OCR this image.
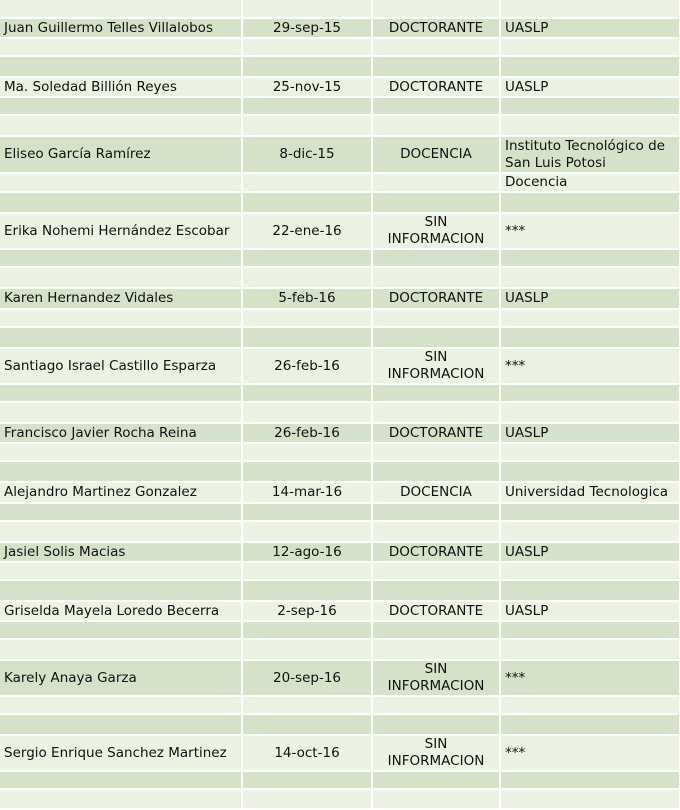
Juan Guillermo Telles Villalobos	29-sep-15	DOCTORANTE	UASLP

Ma. Soledad Billión Reyes	25-nov-15	DOCTORANTE	UASLP

Eliseo García Ramírez	8-dic-15	DOCENCIA	Instituto Tecnológico de San Luis Potosi
			Docencia

Erika Nohemi Hernández Escobar	22-ene-16	SIN INFORMACION	***

Karen Hernandez Vidales	5-feb-16	DOCTORANTE	UASLP

Santiago Israel Castillo Esparza	26-feb-16	SIN INFORMACION	***

Francisco Javier Rocha Reina	26-feb-16	DOCTORANTE	UASLP

Alejandro Martinez Gonzalez	14-mar-16	DOCENCIA	Universidad Tecnologica

Jasiel Solis Macias	12-ago-16	DOCTORANTE	UASLP

Griselda Mayela Loredo Becerra	2-sep-16	DOCTORANTE	UASLP

Karely Anaya Garza	20-sep-16	SIN INFORMACION	***

Sergio Enrique Sanchez Martinez	14-oct-16	SIN INFORMACION	***
